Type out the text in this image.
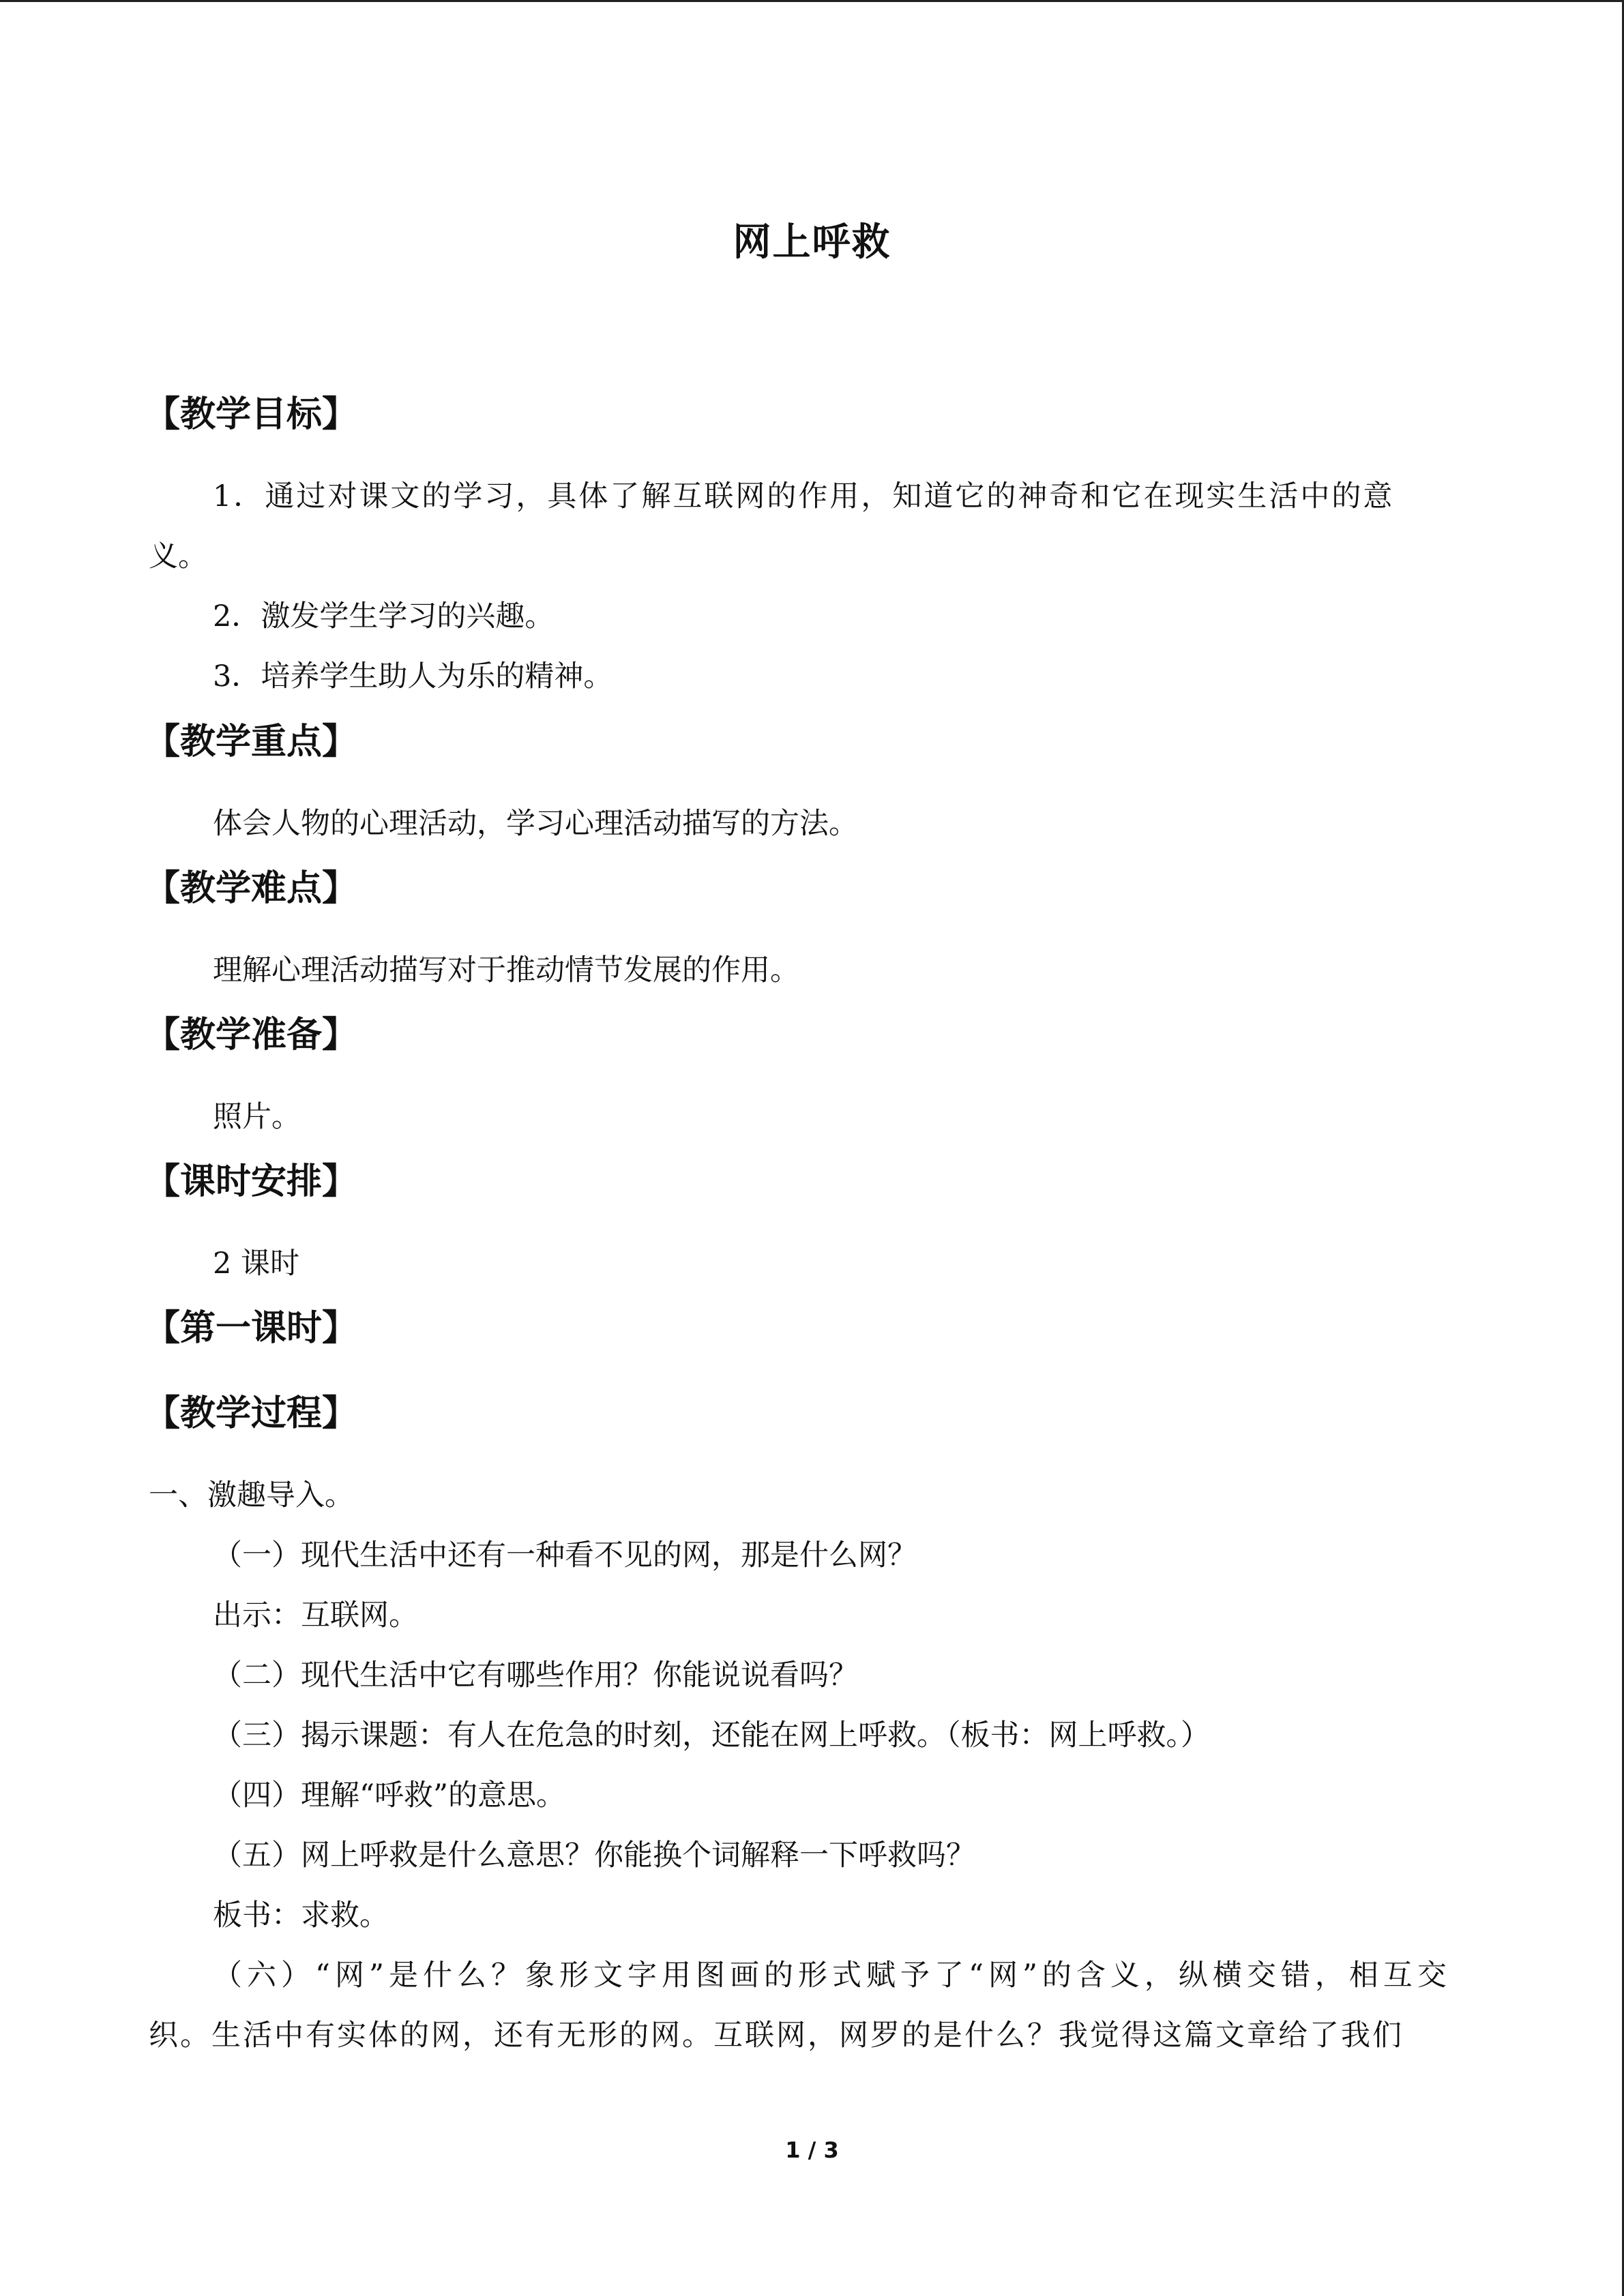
网上呼救
【教学目标】
1．通过对课文的学习，具体了解互联网的作用，知道它的神奇和它在现实生活中的意
义。
2．激发学生学习的兴趣。
3．培养学生助人为乐的精神。
【教学重点】
体会人物的心理活动，学习心理活动描写的方法。
【教学难点】
理解心理活动描写对于推动情节发展的作用。
【教学准备】
照片。
【课时安排】
2 课时
【第一课时】
【教学过程】
一、激趣导入。
（一）现代生活中还有一种看不见的网，那是什么网？
出示：互联网。
（二）现代生活中它有哪些作用？你能说说看吗？
（三）揭示课题：有人在危急的时刻，还能在网上呼救。（板书：网上呼救。）
（四）理解“呼救”的意思。
（五）网上呼救是什么意思？你能换个词解释一下呼救吗？
板书：求救。
（六）“网”是什么？象形文字用图画的形式赋予了“网”的含义，纵横交错，相互交
织。生活中有实体的网，还有无形的网。互联网，网罗的是什么？我觉得这篇文章给了我们
1 / 3
